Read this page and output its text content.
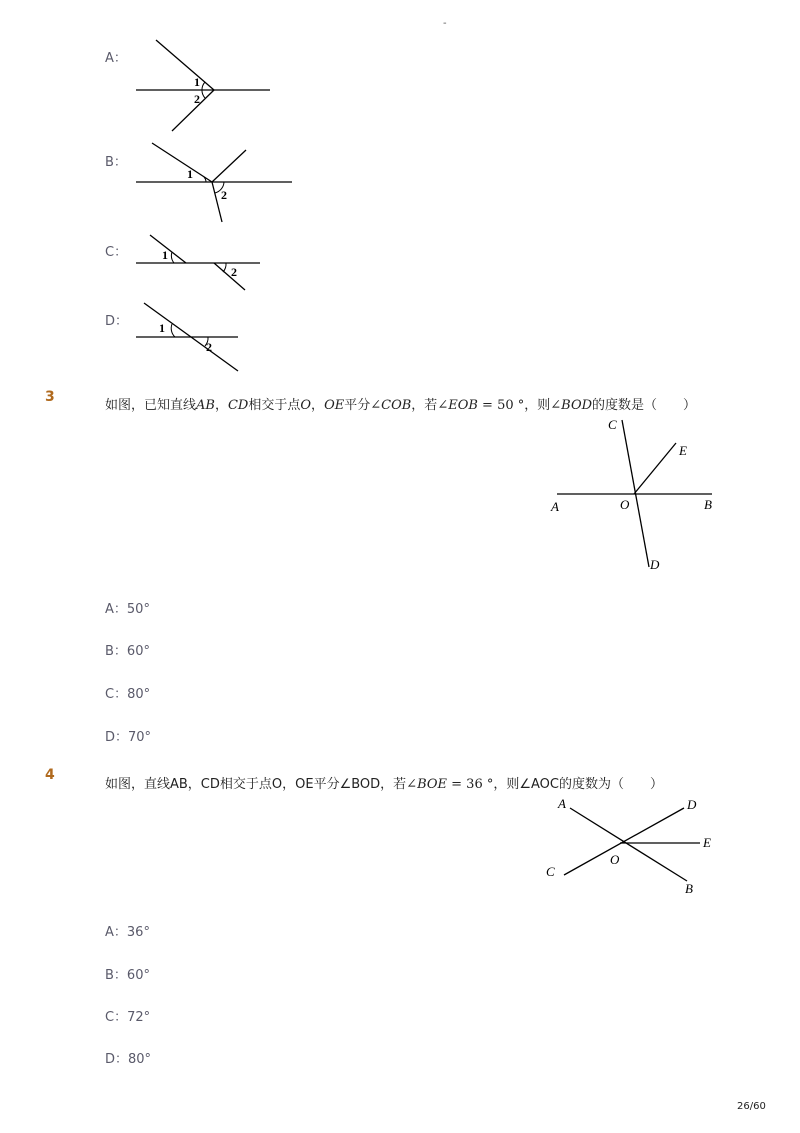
-
A：
1
2
B：
1
2
C：	1
2
D：	1
2
3
如图，已知直线AB，CD相交于点O，OE平分∠COB，若∠EOB = 50 °，则∠BOD的度数是（　　）
C
E
A	O	B
D
A：50°
B：60°
C：80°
D：70°
4
如图，直线AB，CD相交于点O，OE平分∠BOD，若∠BOE = 36 °，则∠AOC的度数为（　　）
A	D
E
O
C
B
A：36°
B：60°
C：72°
D：80°
26/60
